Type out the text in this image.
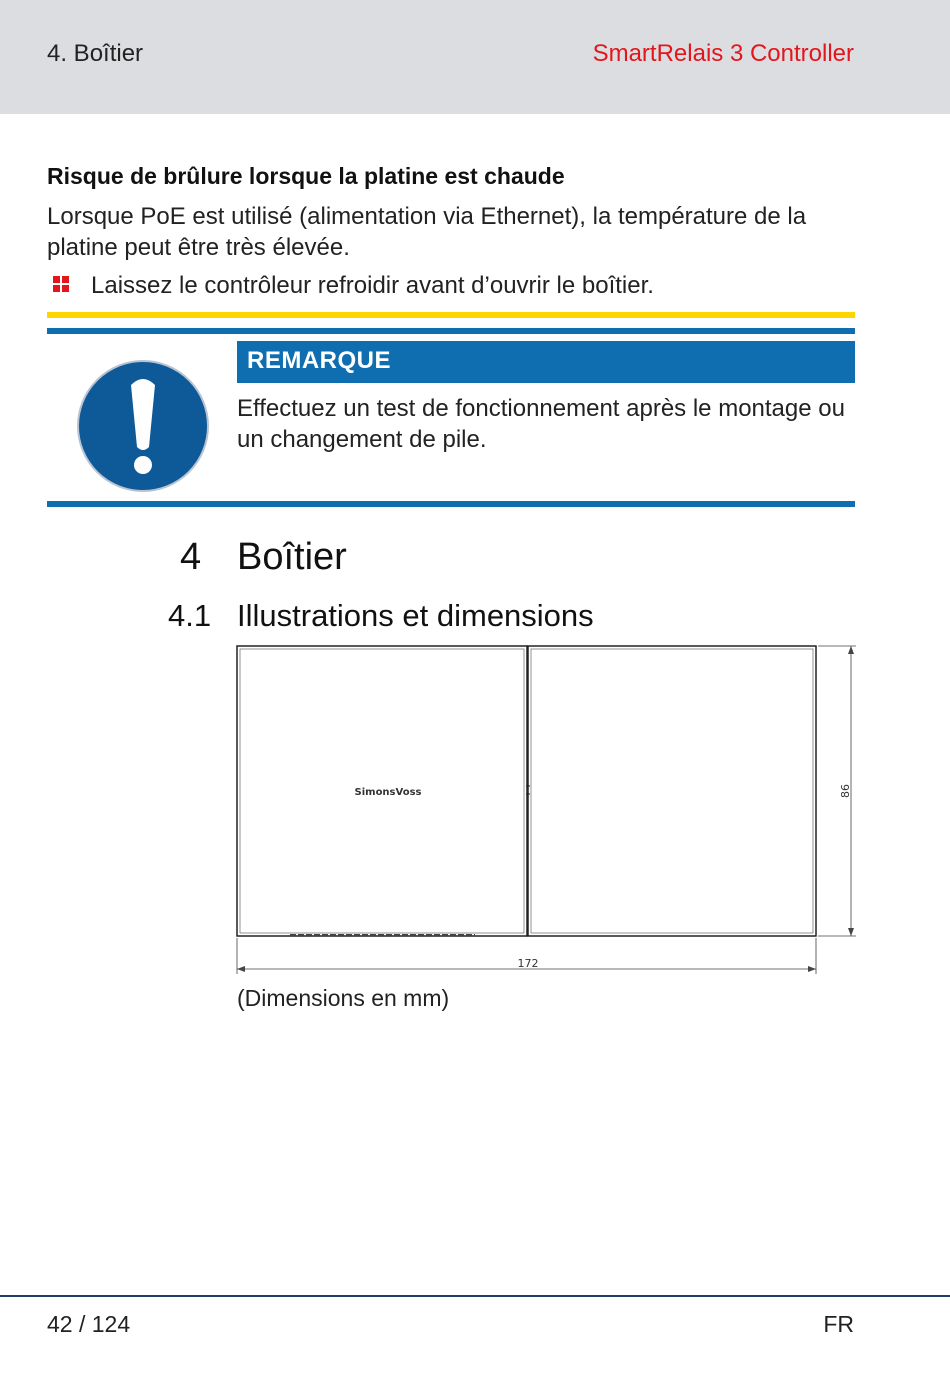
4. Boîtier	SmartRelais 3 Controller
Risque de brûlure lorsque la platine est chaude
Lorsque PoE est utilisé (alimentation via Ethernet), la température de la platine peut être très élevée.
Laissez le contrôleur refroidir avant d’ouvrir le boîtier.
REMARQUE
Effectuez un test de fonctionnement après le montage ou un changement de pile.
4 Boîtier
4.1 Illustrations et dimensions
SimonsVoss	86
172
(Dimensions en mm)
42 / 124	FR
